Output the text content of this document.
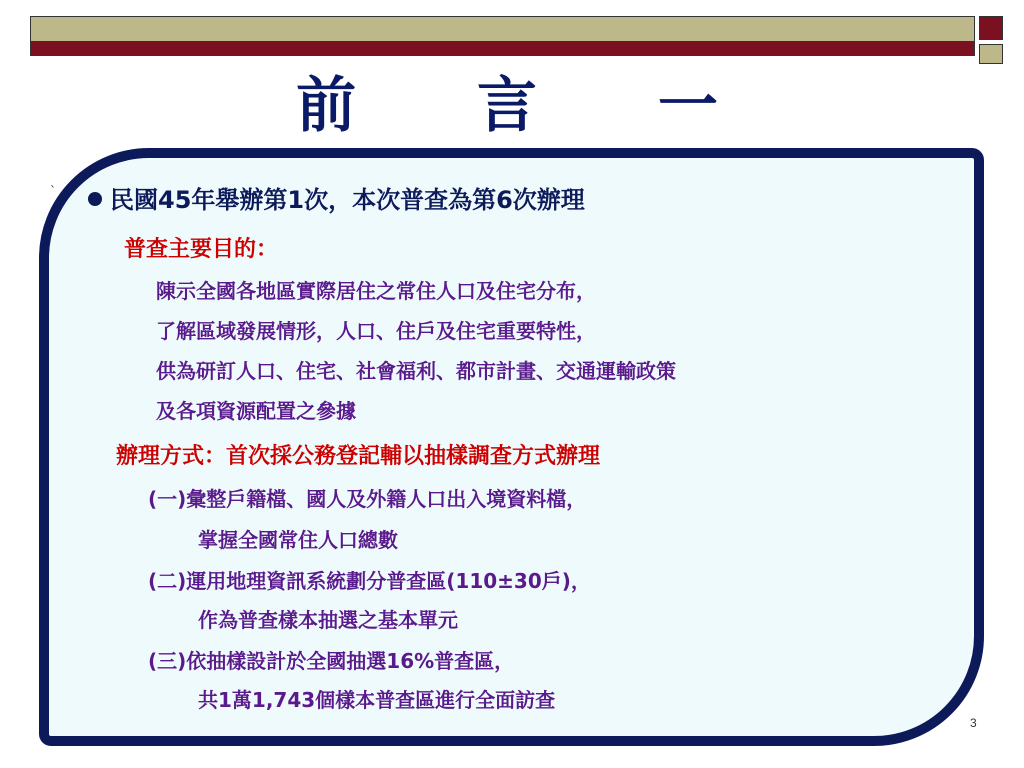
前 言 一
`	民國45年舉辦第1次，本次普查為第6次辦理
普查主要目的：
陳示全國各地區實際居住之常住人口及住宅分布，
了解區域發展情形，人口、住戶及住宅重要特性，
供為研訂人口、住宅、社會福利、都市計畫、交通運輸政策
及各項資源配置之參據
辦理方式：首次採公務登記輔以抽樣調查方式辦理
(一)彙整戶籍檔、國人及外籍人口出入境資料檔，
掌握全國常住人口總數
(二)運用地理資訊系統劃分普查區(110±30戶)，
作為普查樣本抽選之基本單元
(三)依抽樣設計於全國抽選16%普查區，
共1萬1,743個樣本普查區進行全面訪查
3
